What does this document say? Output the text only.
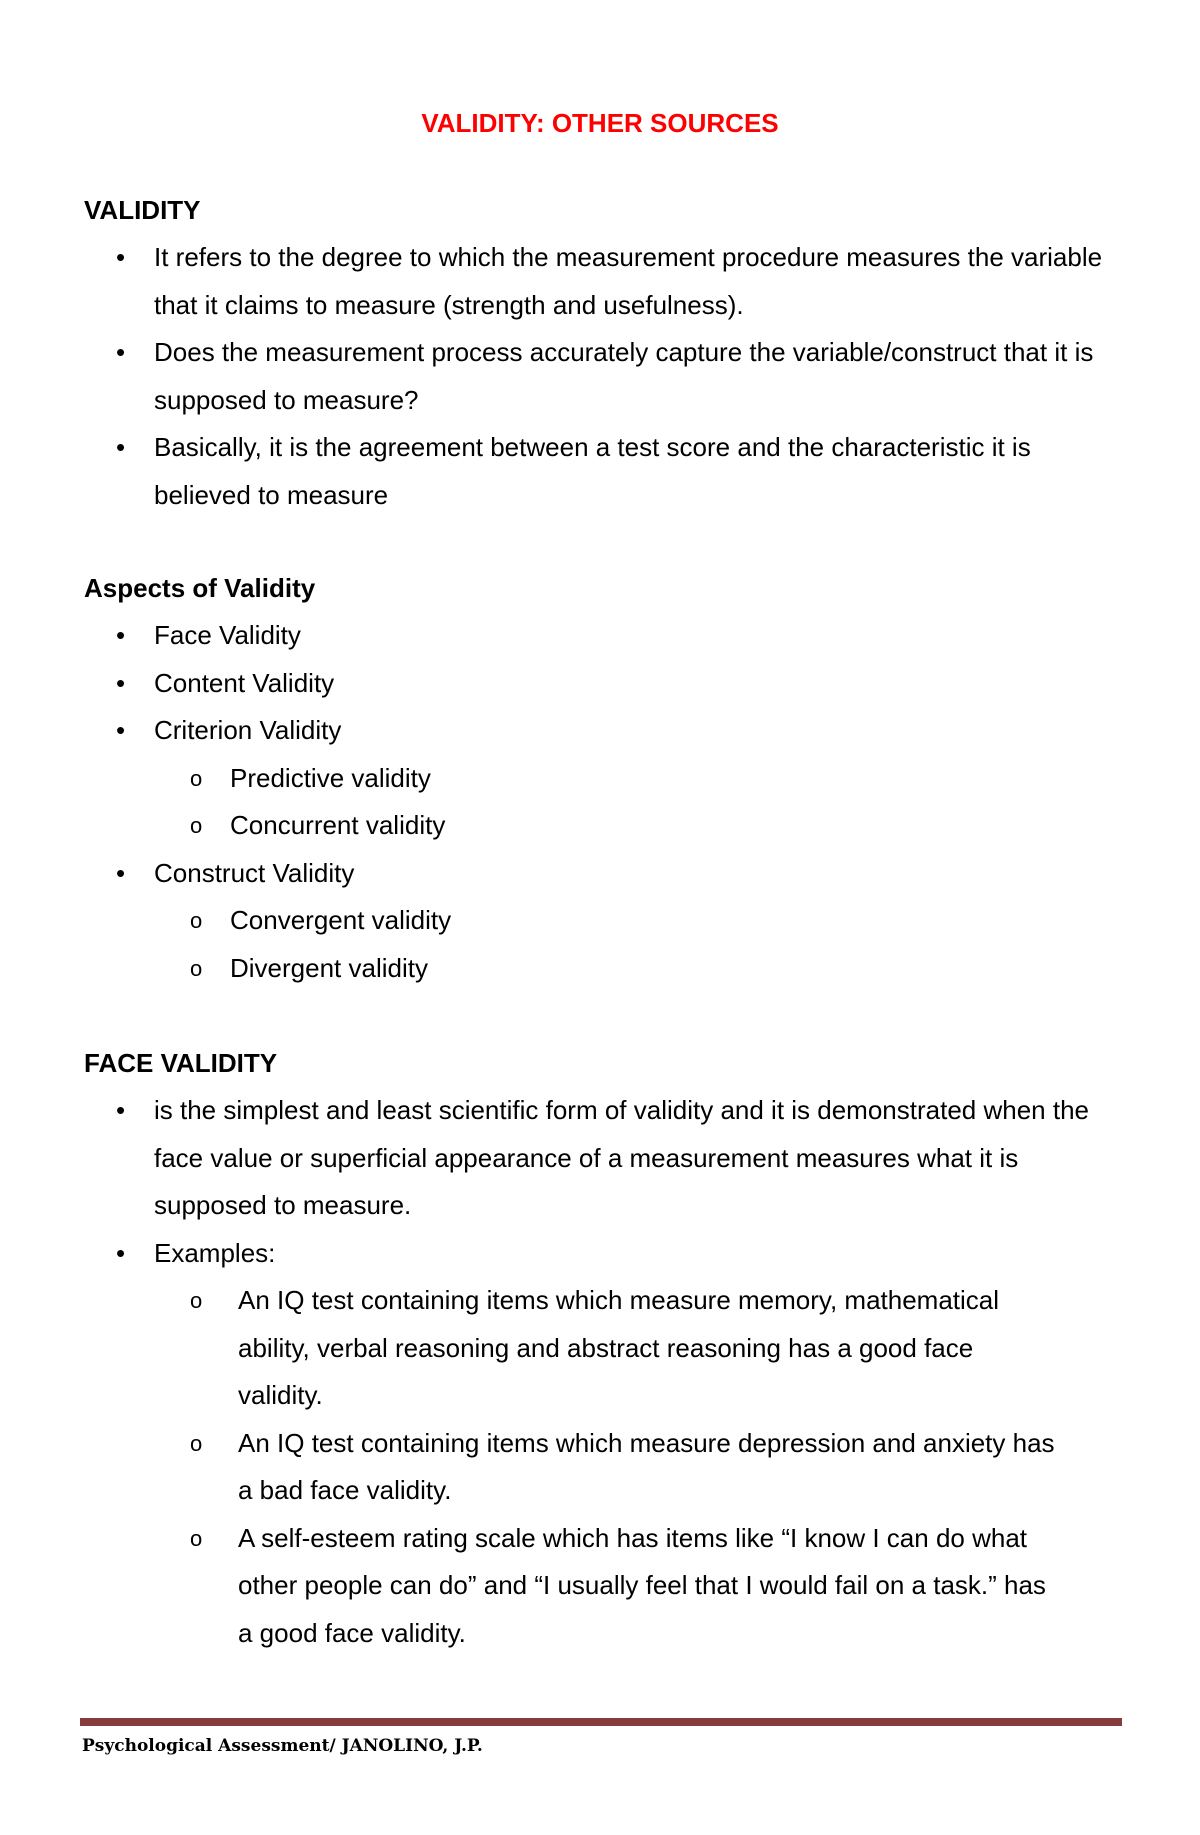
VALIDITY: OTHER SOURCES
VALIDITY
• It refers to the degree to which the measurement procedure measures the variable that it claims to measure (strength and usefulness).
• Does the measurement process accurately capture the variable/construct that it is supposed to measure?
• Basically, it is the agreement between a test score and the characteristic it is believed to measure
Aspects of Validity
• Face Validity
• Content Validity
• Criterion Validity
o Predictive validity
o Concurrent validity
• Construct Validity
o Convergent validity
o Divergent validity
FACE VALIDITY
• is the simplest and least scientific form of validity and it is demonstrated when the face value or superficial appearance of a measurement measures what it is supposed to measure.
• Examples:
o An IQ test containing items which measure memory, mathematical ability, verbal reasoning and abstract reasoning has a good face validity.
o An IQ test containing items which measure depression and anxiety has a bad face validity.
o A self-esteem rating scale which has items like “I know I can do what other people can do” and “I usually feel that I would fail on a task.” has a good face validity.
Psychological Assessment/ JANOLINO, J.P.
